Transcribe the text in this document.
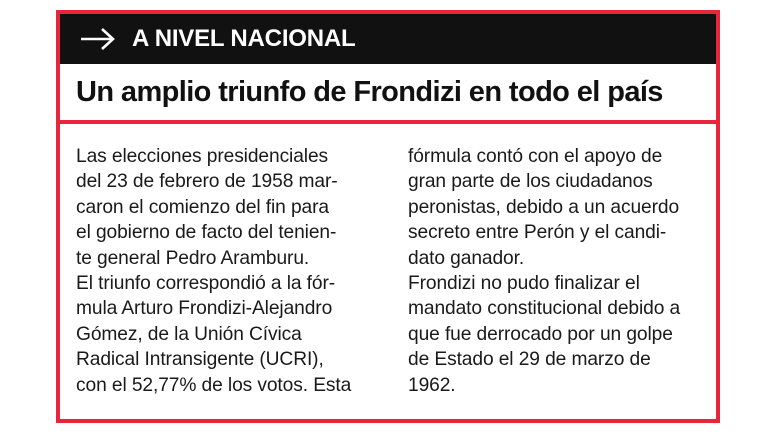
A NIVEL NACIONAL
Un amplio triunfo de Frondizi en todo el país

Las elecciones presidenciales
del 23 de febrero de 1958 mar-
caron el comienzo del fin para
el gobierno de facto del tenien-
te general Pedro Aramburu.

El triunfo correspondió a la fór-
mula Arturo Frondizi-Alejandro
Gómez, de la Unión Cívica
Radical Intransigente (UCRI),
con el 52,77% de los votos. Esta

fórmula contó con el apoyo de
gran parte de los ciudadanos
peronistas, debido a un acuerdo
secreto entre Perón y el candi-
dato ganador.

Frondizi no pudo finalizar el
mandato constitucional debido a
que fue derrocado por un golpe
de Estado el 29 de marzo de
1962.
